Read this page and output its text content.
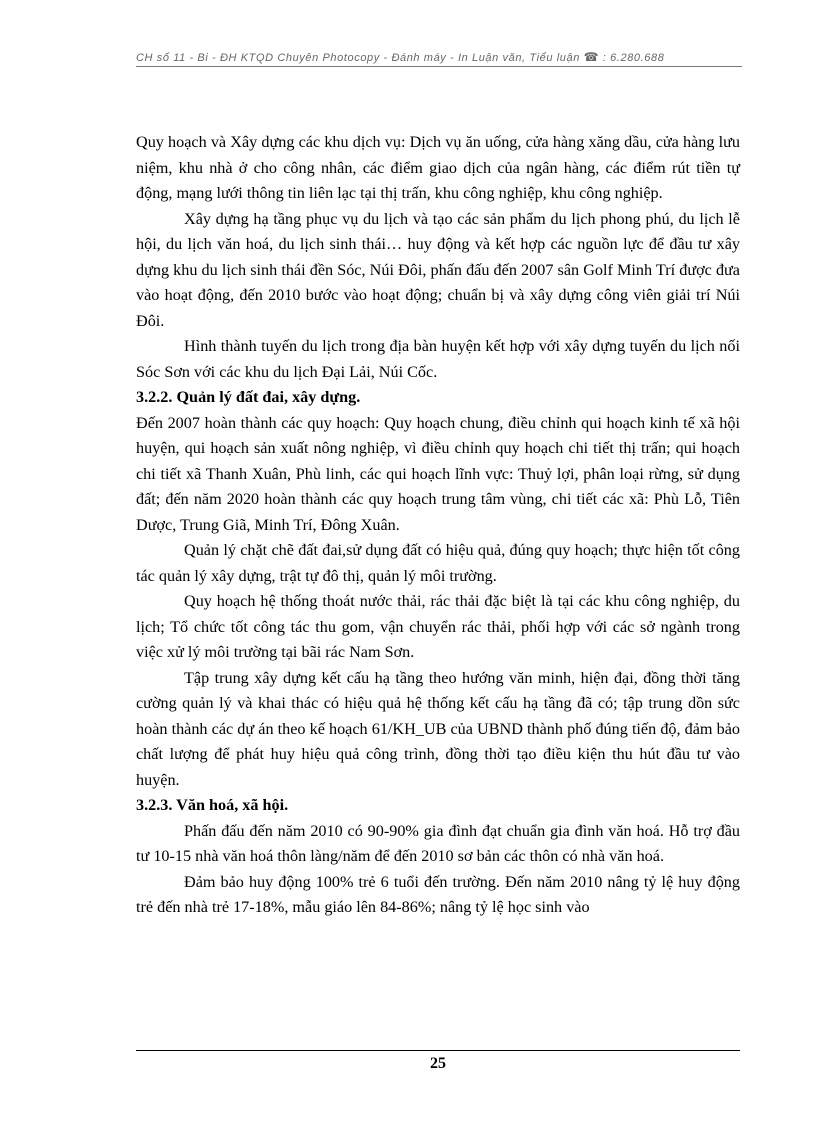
CH số 11 - Bi - ĐH KTQD Chuyên Photocopy - Đánh máy - In Luận văn, Tiểu luận ☎ : 6.280.688

Quy hoạch và Xây dựng các khu dịch vụ: Dịch vụ ăn uống, cửa hàng xăng dầu, cửa hàng lưu niệm, khu nhà ở cho công nhân, các điểm giao dịch của ngân hàng, các điểm rút tiền tự động, mạng lưới thông tin liên lạc tại thị trấn, khu công nghiệp, khu công nghiệp.

Xây dựng hạ tầng phục vụ du lịch và tạo các sản phẩm du lịch phong phú, du lịch lễ hội, du lịch văn hoá, du lịch sinh thái… huy động và kết hợp các nguồn lực để đầu tư xây dựng khu du lịch sinh thái đền Sóc, Núi Đôi, phấn đấu đến 2007 sân Golf Minh Trí được đưa vào hoạt động, đến 2010 bước vào hoạt động; chuẩn bị và xây dựng công viên giải trí Núi Đôi.

Hình thành tuyến du lịch trong địa bàn huyện kết hợp với xây dựng tuyến du lịch nối Sóc Sơn với các khu du lịch Đại Lải, Núi Cốc.

3.2.2. Quản lý đất đai, xây dựng.

Đến 2007 hoàn thành các quy hoạch: Quy hoạch chung, điều chỉnh qui hoạch kinh tế xã hội huyện, qui hoạch sản xuất nông nghiệp, vì điều chỉnh quy hoạch chi tiết thị trấn; qui hoạch chi tiết xã Thanh Xuân, Phù linh, các qui hoạch lĩnh vực: Thuỷ lợi, phân loại rừng, sử dụng đất; đến năm 2020 hoàn thành các quy hoạch trung tâm vùng, chi tiết các xã: Phù Lỗ, Tiên Dược, Trung Giã, Minh Trí, Đông Xuân.

Quản lý chặt chẽ đất đai,sử dụng đất có hiệu quả, đúng quy hoạch; thực hiện tốt công tác quản lý xây dựng, trật tự đô thị, quản lý môi trường.

Quy hoạch hệ thống thoát nước thải, rác thải đặc biệt là tại các khu công nghiệp, du lịch; Tổ chức tốt công tác thu gom, vận chuyển rác thải, phối hợp với các sở ngành trong việc xử lý môi trường tại bãi rác Nam Sơn.

Tập trung xây dựng kết cấu hạ tầng theo hướng văn minh, hiện đại, đồng thời tăng cường quản lý và khai thác có hiệu quả hệ thống kết cấu hạ tầng đã có; tập trung dồn sức hoàn thành các dự án theo kế hoạch 61/KH_UB của UBND thành phố đúng tiến độ, đảm bảo chất lượng để phát huy hiệu quả công trình, đồng thời tạo điều kiện thu hút đầu tư vào huyện.

3.2.3. Văn hoá, xã hội.

Phấn đấu đến năm 2010 có 90-90% gia đình đạt chuẩn gia đình văn hoá. Hỗ trợ đầu tư 10-15 nhà văn hoá thôn làng/năm để đến 2010 sơ bản các thôn có nhà văn hoá.

Đảm bảo huy động 100% trẻ 6 tuổi đến trường. Đến năm 2010 nâng tỷ lệ huy động trẻ đến nhà trẻ 17-18%, mẫu giáo lên 84-86%; nâng tỷ lệ học sinh vào

25
